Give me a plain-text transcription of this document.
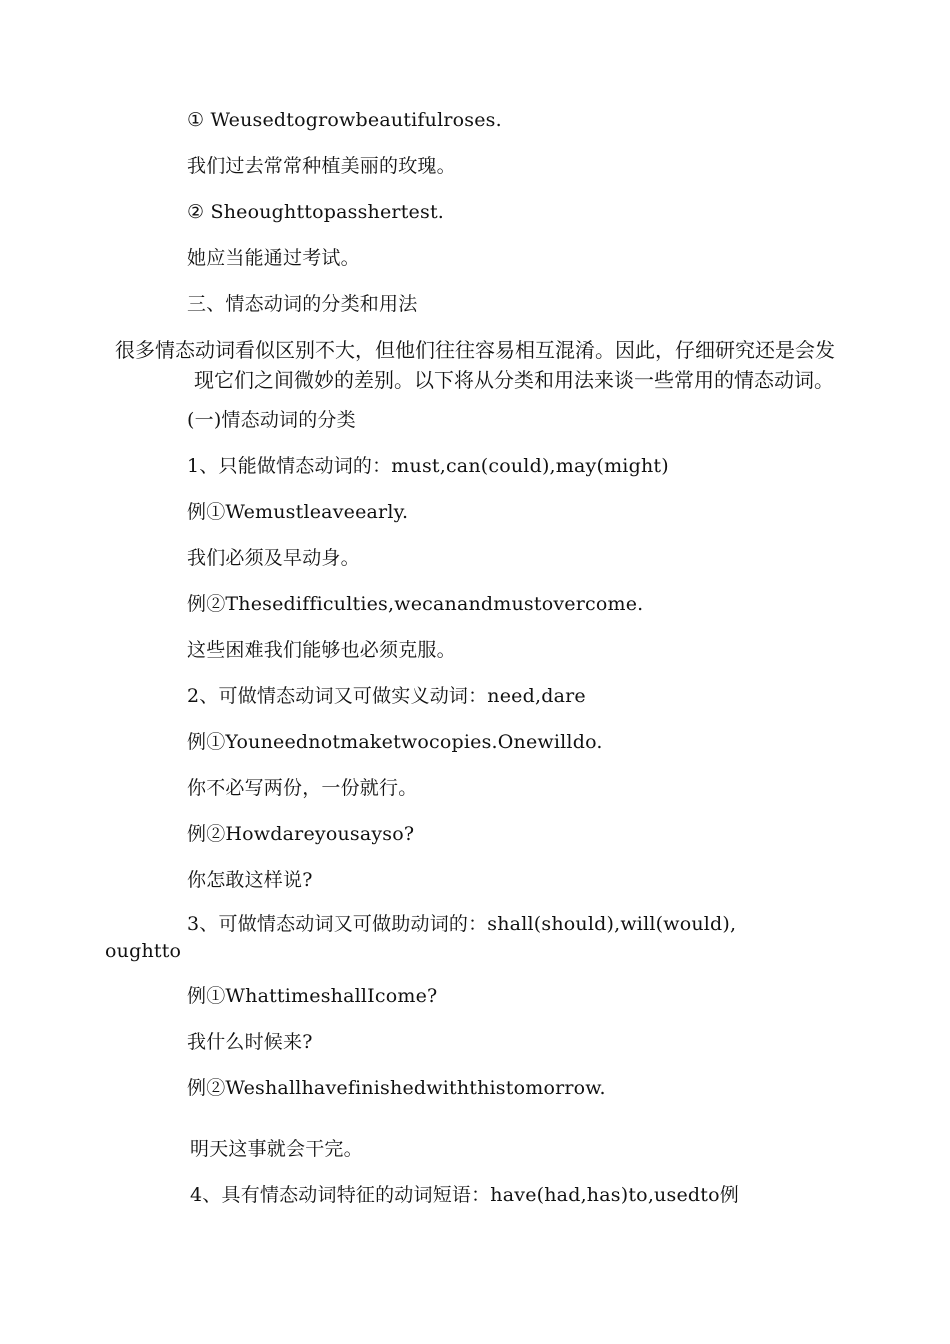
① Weusedtogrowbeautifulroses.
我们过去常常种植美丽的玫瑰。
② Sheoughttopasshertest.
她应当能通过考试。
三、情态动词的分类和用法
很多情态动词看似区别不大，但他们往往容易相互混淆。因此，仔细研究还是会发
现它们之间微妙的差别。以下将从分类和用法来谈一些常用的情态动词。
(一)情态动词的分类
1、只能做情态动词的：must,can(could),may(might)
例①Wemustleaveearly.
我们必须及早动身。
例②Thesedifficulties,wecanandmustovercome.
这些困难我们能够也必须克服。
2、可做情态动词又可做实义动词：need,dare
例①Youneednotmaketwocopies.Onewilldo.
你不必写两份，一份就行。
例②Howdareyousayso?
你怎敢这样说?
3、可做情态动词又可做助动词的：shall(should),will(would),
oughtto
例①WhattimeshallIcome?
我什么时候来?
例②Weshallhavefinishedwiththistomorrow.
明天这事就会干完。
4、具有情态动词特征的动词短语：have(had,has)to,usedto例
